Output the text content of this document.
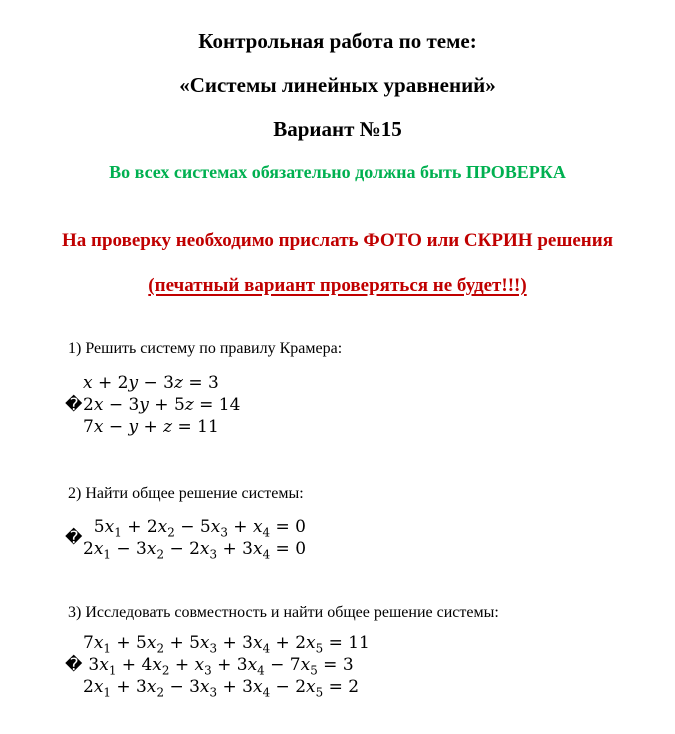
Контрольная работа по теме:
«Системы линейных уравнений»
Вариант №15
Во всех системах обязательно должна быть ПРОВЕРКА
На проверку необходимо прислать ФОТО или СКРИН решения
(печатный вариант проверяться не будет!!!)
1) Решить систему по правилу Крамера:
�
x + 2y − 3z = 3
2x − 3y + 5z = 14
7x − y + z = 11
2) Найти общее решение системы:
�
$5x_1 + 2x_2 - 5x_3 + x_4 = 0$
$2x_1 - 3x_2 - 2x_3 + 3x_4 = 0$
3) Исследовать совместность и найти общее решение системы:
�
$7x_1 + 5x_2 + 5x_3 + 3x_4 + 2x_5 = 11$
$3x_1 + 4x_2 + x_3 + 3x_4 - 7x_5 = 3$
$2x_1 + 3x_2 - 3x_3 + 3x_4 - 2x_5 = 2$
